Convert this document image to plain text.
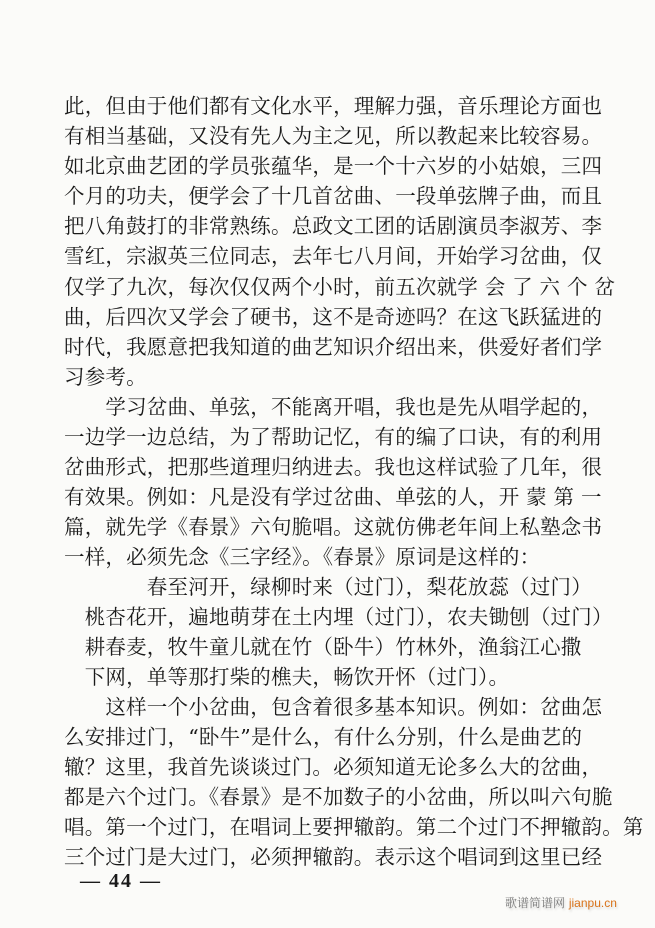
此，但由于他们都有文化水平，理解力强，音乐理论方面也
有相当基础，又没有先人为主之见，所以教起来比较容易。
如北京曲艺团的学员张蕴华，是一个十六岁的小姑娘，三四
个月的功夫，便学会了十几首岔曲、一段单弦牌子曲，而且
把八角鼓打的非常熟练。总政文工团的话剧演员李淑芳、李
雪红，宗淑英三位同志，去年七八月间，开始学习岔曲，仅
仅学了九次，每次仅仅两个小时，前五次就学 会 了 六 个 岔
曲，后四次又学会了硬书，这不是奇迹吗？在这飞跃猛进的
时代，我愿意把我知道的曲艺知识介绍出来，供爱好者们学
习参考。
　　学习岔曲、单弦，不能离开唱，我也是先从唱学起的，
一边学一边总结，为了帮助记忆，有的编了口诀，有的利用
岔曲形式，把那些道理归纳进去。我也这样试验了几年，很
有效果。例如：凡是没有学过岔曲、单弦的人，开 蒙 第 一
篇，就先学《春景》六句脆唱。这就仿佛老年间上私塾念书
一样，必须先念《三字经》。《春景》原词是这样的：
　　　　春至河开，绿柳时来（过门），梨花放蕊（过门）
　桃杏花开，遍地萌芽在土内埋（过门），农夫锄刨（过门）
　耕春麦，牧牛童儿就在竹（卧牛）竹林外，渔翁江心撒
　下网，单等那打柴的樵夫，畅饮开怀（过门）。
　　这样一个小岔曲，包含着很多基本知识。例如：岔曲怎
么安排过门，“卧牛”是什么，有什么分别，什么是曲艺的
辙？这里，我首先谈谈过门。必须知道无论多么大的岔曲，
都是六个过门。《春景》是不加数子的小岔曲，所以叫六句脆
唱。第一个过门，在唱词上要押辙韵。第二个过门不押辙韵。第
三个过门是大过门，必须押辙韵。表示这个唱词到这里已经
— 44 —
歌谱简谱网 jianpu.cn
